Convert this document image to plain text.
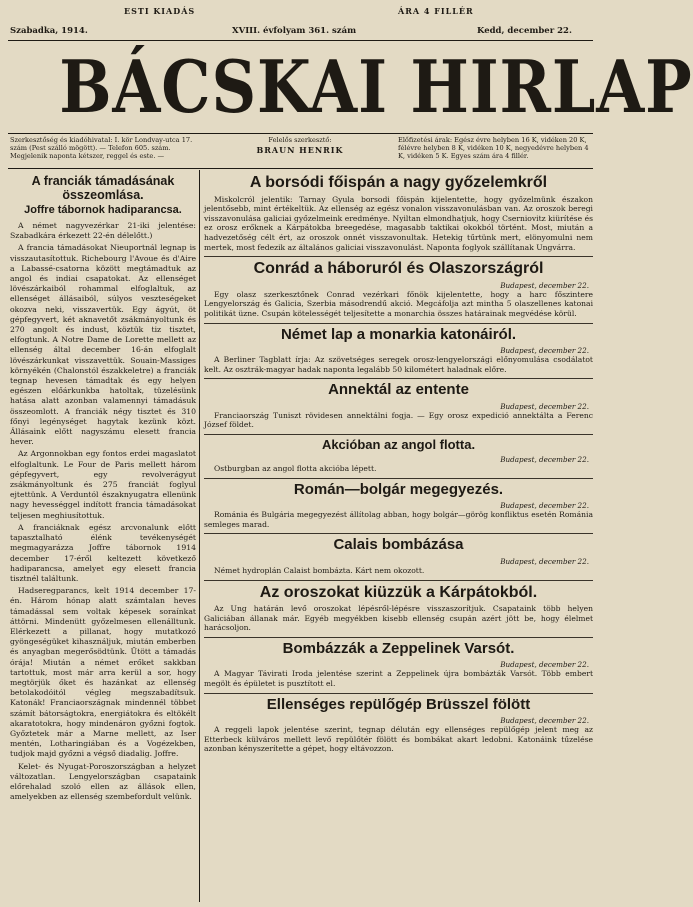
ESTI KIADÁS	ÁRA 4 FILLÉR
Szabadka, 1914.	XVIII. évfolyam 361. szám	Kedd, december 22.
BÁCSKAI HIRLAP
Szerkesztőség és kiadóhivatal: I. kör Londvay-utca 17. szám (Pest szálló mögött). — Telefon 605. szám. Megjelenik naponta kétszer, reggel és este. —
Felelős szerkesztő:
BRAUN HENRIK
Előfizetési árak: Egész évre helyben 16 K, vidéken 20 K, félévre helyben 8 K, vidéken 10 K, negyedévre helyben 4 K, vidéken 5 K. Egyes szám ára 4 fillér.
A franciák támadásának összeomlása.
Joffre tábornok hadiparancsa.

A német nagyvezérkar 21-iki jelentése: Szabadkára érkezett 22-én délelőtt.)

A francia támadásokat Nieuportnál legnap is visszautasítottuk. Richebourg l'Avoue és d'Aire a Labassé-csatorna között megtámadtuk az angol és indiai csapatokat. Az ellenséget lövészárkaiból rohammal elfoglaltuk, az ellenséget állásaiból, súlyos veszteségeket okozva neki, visszavertük. Egy ágyút, öt gépfegyvert, két aknavetőt zsákmányoltunk és 270 angolt és indust, köztük tiz tisztet, elfogtunk. A Notre Dame de Lorette mellett az ellenség által december 16-án elfoglalt lövészárkunkat visszavettük. Souain-Massiges környékén (Chalonstól északkeletre) a franciák tegnap hevesen támadtak és egy helyen egészen előárkunkba hatoltak, tüzelésünk hatása alatt azonban valamennyi támadásuk összeomlott. A franciák négy tisztet és 310 főnyi legénységet hagytak kezünk közt. Állásaink előtt nagyszámu elesett francia hever.

Az Argonnokban egy fontos erdei magaslatot elfoglaltunk. Le Four de Paris mellett három gépfegyvert, egy revolverágyut zsákmányoltunk és 275 franciát foglyul ejtettünk. A Verduntól északnyugatra ellenünk nagy hevességgel indított francia támadásokat teljesen meghiusítottuk.

A franciáknak egész arcvonalunk előtt tapasztalható élénk tevékenységét megmagyarázza Joffre tábornok 1914 december 17-éről keltezett következő hadiparancsa, amelyet egy elesett francia tisztnél találtunk.

Hadseregparancs, kelt 1914 december 17-én. Három hónap alatt számtalan heves támadással sem voltak képesek soraínkat áttörni. Mindenütt győzelmesen ellenálltunk. Elérkezett a pillanat, hogy mutatkozó gyöngeségüket kihasználjuk, miután emberben és anyagban megerősödtünk. Ütött a támadás órája! Miután a német erőket sakkban tartottuk, most már arra kerül a sor, hogy megtörjük őket és hazánkat az ellenség betolakodóitól végleg megszabadítsuk. Katonák! Franciaországnak mindennél többet számít bátorságtokra, energiátokra és eltökélt akaratotokra, hogy mindenáron győzni fogtok. Győztetek már a Marne mellett, az Iser mentén, Lotharingiában és a Vogézekben, tudjok majd győzni a végső diadalig. Joffre.

Kelet- és Nyugat-Poroszországban a helyzet változatlan. Lengyelországban csapataink előrehalad szoló ellen az állások ellen, amelyekben az ellenség szembefordult velünk.

A borsódi főispán a nagy győzelemkről

Miskolcról jelentik: Tarnay Gyula borsodi főispán kijelentette, hogy győzelmünk északon jelentősebb, mint értékeltük. Az ellenség az egész vonalon visszavonulásban van. Az oroszok beregi visszavonulása galiciai győzelmeink eredménye. Nyiltan elmondhatjuk, hogy Cserniovitz kiürítése és ez orosz erőknek a Kárpátokba breegedése, magasabb taktikai okokból történt. Most, miután a hadvezetőség célt ért, az oroszok onnét visszavonultak. Hetekig tűrtünk mert, elönyomulni nem mertek, most fedezik az általános galiciai visszavonulást. Naponta foglyok szállítanak Ungvárra.

Conrád a háboruról és Olaszországról
Budapest, december 22.

Egy olasz szerkesztőnek Conrad vezérkari főnök kijelentette, hogy a harc főszintere Lengyelország és Galicia, Szerbia másodrendű akció. Megcáfolja azt mintha 5 olaszellenes katonai politikát üzne. Csupán kötelességét teljesítette a monarchia összes határainak megvédése körül.

Német lap a monarkia katonáiról.
Budapest, december 22.

A Berliner Tagblatt írja: Az szövetséges seregek orosz-lengyelországi előnyomulása csodálatot kelt. Az osztrák-magyar hadak naponta legalább 50 kilométert haladnak előre.

Annektál az entente
Budapest, december 22.

Franciaország Tuniszt rövidesen annektálni fogja. — Egy orosz expedició annektálta a Ferenc József földet.

Akcióban az angol flotta.
Budapest, december 22.

Ostburgban az angol flotta akcióba lépett.

Román—bolgár megegyezés.
Budapest, december 22.

Románia és Bulgária megegyezést állítolag abban, hogy bolgár—görög konfliktus esetén Románia semleges marad.

Calais bombázása
Budapest, december 22.

Német hydroplán Calaist bombázta. Kárt nem okozott.

Az oroszokat kiüzzük a Kárpátokból.

Az Ung határán levő oroszokat lépésről-lépésre visszaszorítjuk. Csapataink több helyen Galiciában állanak már. Egyéb megyékben kisebb ellenség csupán azért jött be, hogy élelmet harácsoljon.

Bombázzák a Zeppelinek Varsót.
Budapest, december 22.

A Magyar Távirati Iroda jelentése szerint a Zeppelinek újra bombázták Varsót. Több embert megölt és épületet is pusztított el.

Ellenséges repülőgép Brüsszel fölött
Budapest, december 22.

A reggeli lapok jelentése szerint, tegnap délután egy ellenséges repülőgép jelent meg az Etterbeck külváros mellett levő repülőtér fölött és bombákat akart ledobni. Katonáink tűzelése azonban kényszerítette a gépet, hogy eltávozzon.
